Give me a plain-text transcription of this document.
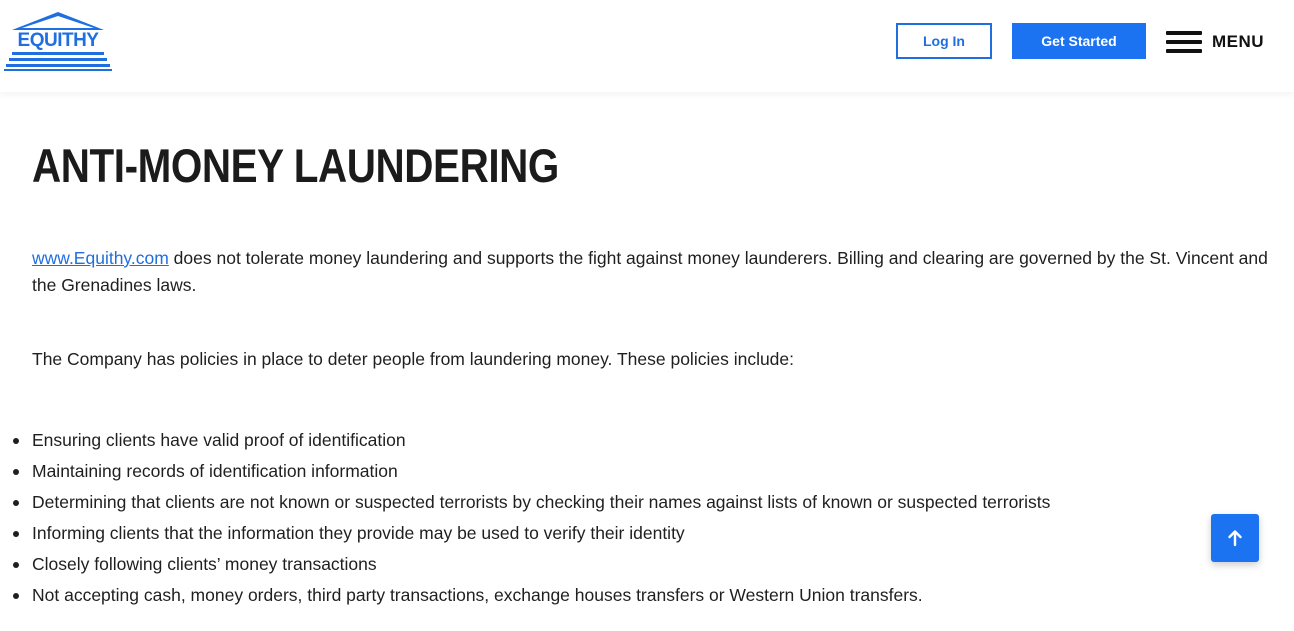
EQUITHY	Log In	Get Started	MENU
ANTI-MONEY LAUNDERING

www.Equithy.com does not tolerate money laundering and supports the fight against money launderers. Billing and clearing are governed by the St. Vincent and the Grenadines laws.

The Company has policies in place to deter people from laundering money. These policies include:

Ensuring clients have valid proof of identification
Maintaining records of identification information
Determining that clients are not known or suspected terrorists by checking their names against lists of known or suspected terrorists
Informing clients that the information they provide may be used to verify their identity
Closely following clients’ money transactions
Not accepting cash, money orders, third party transactions, exchange houses transfers or Western Union transfers.
